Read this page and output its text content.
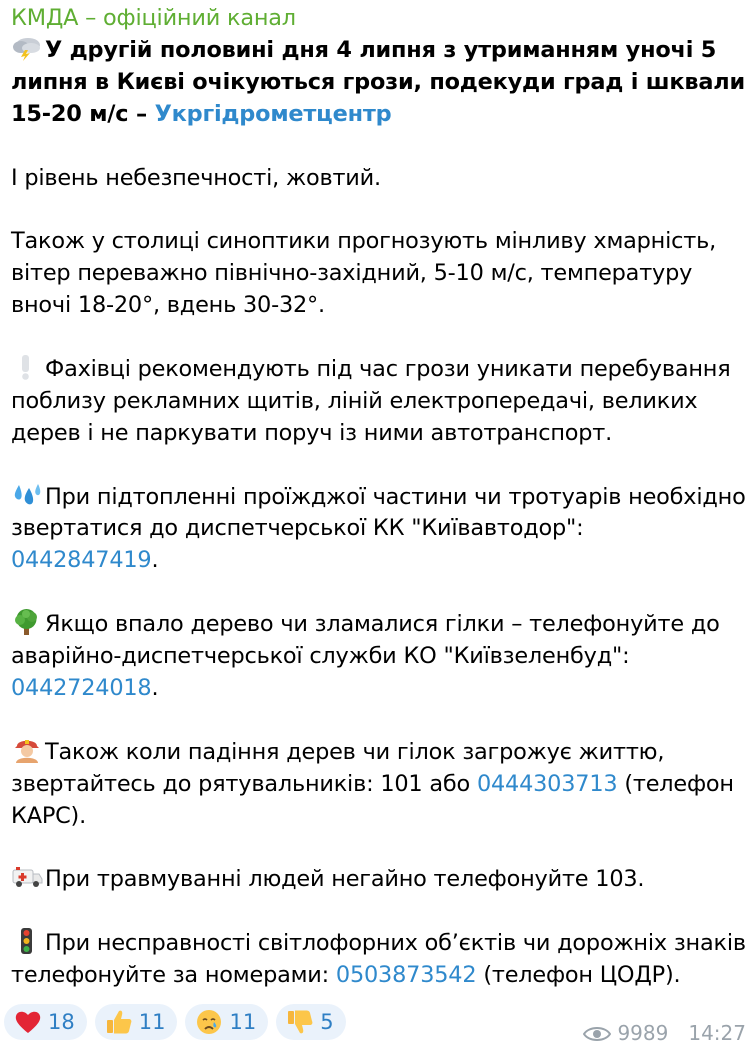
КМДА – офіційний канал

У другій половині дня 4 липня з утриманням уночі 5 липня в Києві очікуються грози, подекуди град і шквали 15-20 м/с – Укргідрометцентр

I рівень небезпечності, жовтий.

Також у столиці синоптики прогнозують мінливу хмарність, вітер переважно північно-західний, 5-10 м/с, температуру вночі 18-20°, вдень 30-32°.

Фахівці рекомендують під час грози уникати перебування поблизу рекламних щитів, ліній електропередачі, великих дерев і не паркувати поруч із ними автотранспорт.

При підтопленні проїжджої частини чи тротуарів необхідно звертатися до диспетчерської КК "Київавтодор":
0442847419.

Якщо впало дерево чи зламалися гілки – телефонуйте до аварійно-диспетчерської служби КО "Київзеленбуд":
0442724018.

Також коли падіння дерев чи гілок загрожує життю, звертайтесь до рятувальників: 101 або 0444303713 (телефон КАРС).

При травмуванні людей негайно телефонуйте 103.

При несправності світлофорних об’єктів чи дорожніх знаків телефонуйте за номерами: 0503873542 (телефон ЦОДР).

18	11	11	5	9989 14:27
